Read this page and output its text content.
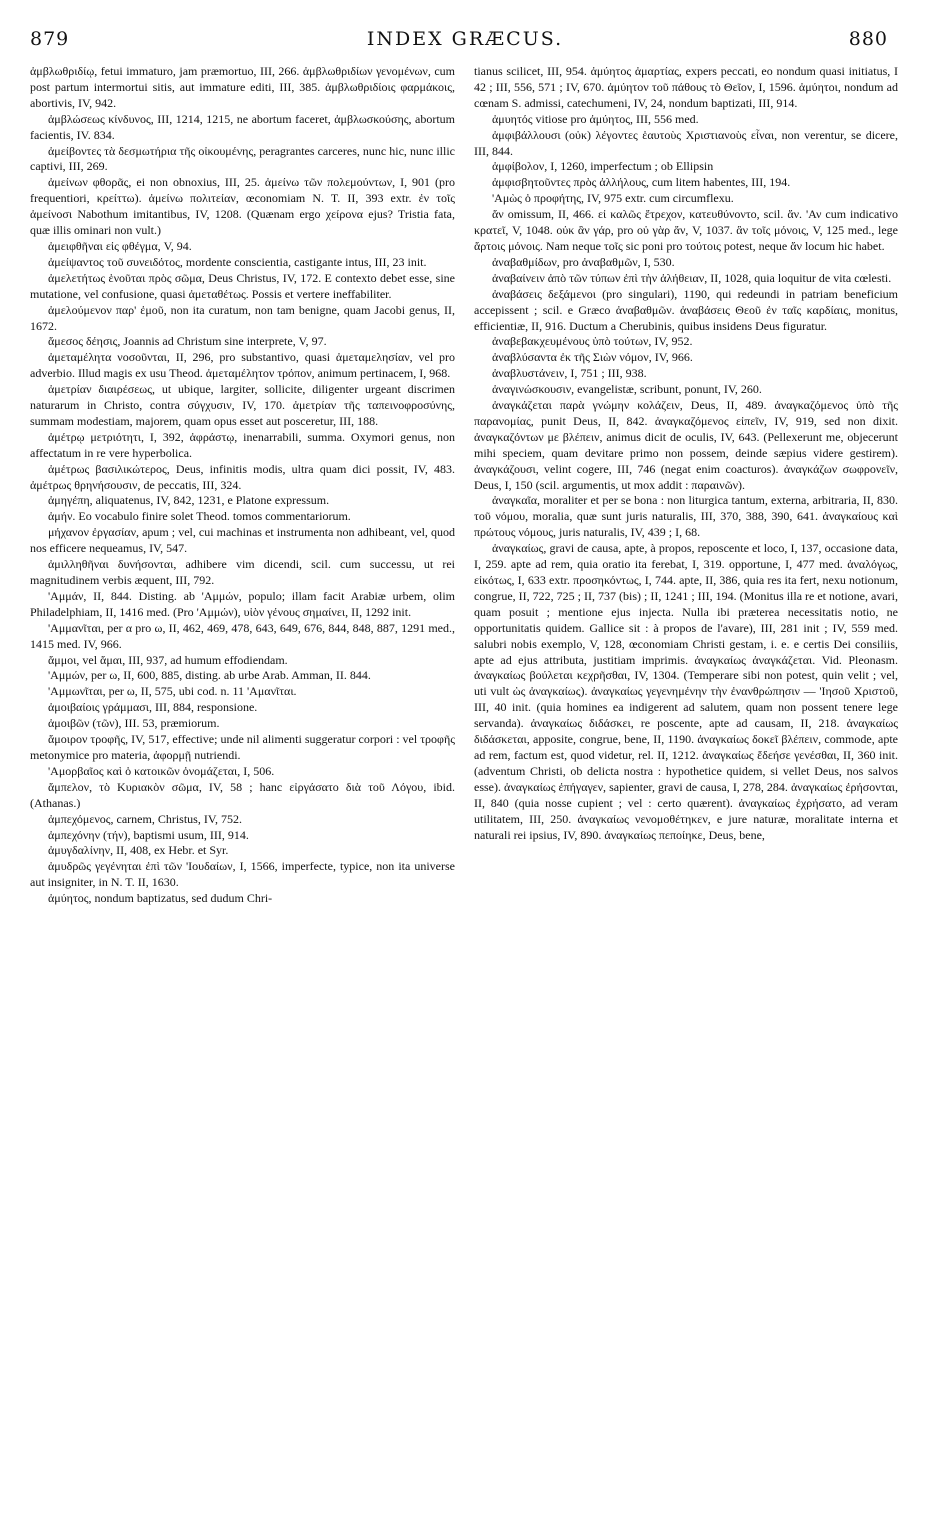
879	INDEX GRÆCUS.	880

ἀμβλωθριδίῳ, fetui immaturo, jam præmortuo, III, 266. ἀμβλωθριδίων γενομένων, cum post partum intermortui sitis, aut immature editi, III, 385. ἀμβλωθριδίοις φαρμάκοις, abortivis, IV, 942.

ἀμβλώσεως κίνδυνος, III, 1214, 1215, ne abortum faceret, ἀμβλωσκούσης, abortum facientis, IV. 834.

ἀμείβοντες τὰ δεσμωτήρια τῆς οἰκουμένης, peragrantes carceres, nunc hic, nunc illic captivi, III, 269.

ἀμείνων φθορᾶς, ei non obnoxius, III, 25. ἀμείνω τῶν πολεμούντων, I, 901 (pro frequentiori, κρείττω). ἀμείνω πολιτείαν, œconomiam N. T. II, 393 extr. ἐν τοῖς ἀμείνοσι Nabothum imitantibus, IV, 1208. (Quænam ergo χείρονα ejus? Tristia fata, quæ illis ominari non vult.)

ἀμειφθῆναι εἰς φθέγμα, V, 94.

ἀμείψαντος τοῦ συνειδότος, mordente conscientia, castigante intus, III, 23 init.

ἀμελετήτως ἑνοῦται πρὸς σῶμα, Deus Christus, IV, 172. E contexto debet esse, sine mutatione, vel confusione, quasi ἀμεταθέτως. Possis et vertere ineffabiliter.

ἀμελούμενον παρ' ἐμοῦ, non ita curatum, non tam benigne, quam Jacobi genus, II, 1672.

ἄμεσος δέησις, Joannis ad Christum sine interprete, V, 97.

ἀμεταμέλητα νοσοῦνται, II, 296, pro substantivo, quasi ἀμεταμελησίαν, vel pro adverbio. Illud magis ex usu Theod. ἀμεταμέλητον τρόπον, animum pertinacem, I, 968.

ἀμετρίαν διαιρέσεως, ut ubique, largiter, sollicite, diligenter urgeant discrimen naturarum in Christo, contra σύγχυσιν, IV, 170. ἀμετρίαν τῆς ταπεινοφροσύνης, summam modestiam, majorem, quam opus esset aut posceretur, III, 188.

ἀμέτρῳ μετριότητι, I, 392, ἀφράστῳ, inenarrabili, summa. Oxymori genus, non affectatum in re vere hyperbolica.

ἀμέτρως βασιλικώτερος, Deus, infinitis modis, ultra quam dici possit, IV, 483. ἀμέτρως θρηνήσουσιν, de peccatis, III, 324.

ἀμηγέπη, aliquatenus, IV, 842, 1231, e Platone expressum.

ἀμήν. Eo vocabulo finire solet Theod. tomos commentariorum.

μήχανον ἐργασίαν, apum ; vel, cui machinas et instrumenta non adhibeant, vel, quod nos efficere nequeamus, IV, 547.

ἁμιλληθῆναι δυνήσονται, adhibere vim dicendi, scil. cum successu, ut rei magnitudinem verbis æquent, III, 792.

'Αμμάν, II, 844. Disting. ab 'Αμμών, populo; illam facit Arabiæ urbem, olim Philadelphiam, II, 1416 med. (Pro 'Αμμών), υἱὸν γένους σημαίνει, II, 1292 init.

'Αμμανῖται, per α pro ω, II, 462, 469, 478, 643, 649, 676, 844, 848, 887, 1291 med., 1415 med. IV, 966.

ἄμμοι, vel ἄμαι, III, 937, ad humum effodiendam.

'Αμμών, per ω, II, 600, 885, disting. ab urbe Arab. Amman, II. 844.

'Αμμωνῖται, per ω, II, 575, ubi cod. n. 11 'Αμανῖται.

ἀμοιβαίοις γράμμασι, III, 884, responsione.

ἀμοιβῶν (τῶν), III. 53, præmiorum.

ἄμοιρον τροφῆς, IV, 517, effective; unde nil alimenti suggeratur corpori : vel τροφῆς metonymice pro materia, ἀφορμῇ nutriendi.

'Αμορβαῖος καὶ ὁ κατοικῶν ὀνομάζεται, I, 506.

ἄμπελον, τὸ Κυριακὸν σῶμα, IV, 58 ; hanc εἰργάσατο διὰ τοῦ Λόγου, ibid. (Athanas.)

ἀμπεχόμενος, carnem, Christus, IV, 752.

ἀμπεχόνην (τήν), baptismi usum, III, 914.

ἀμυγδαλίνην, II, 408, ex Hebr. et Syr.

ἀμυδρῶς γεγένηται ἐπὶ τῶν 'Ιουδαίων, I, 1566, imperfecte, typice, non ita universe aut insigniter, in N. T. II, 1630.

ἀμύητος, nondum baptizatus, sed dudum Chri-

tianus scilicet, III, 954. ἀμύητος ἁμαρτίας, expers peccati, eo nondum quasi initiatus, I 42 ; III, 556, 571 ; IV, 670. ἀμύητον τοῦ πάθους τὸ Θεῖον, I, 1596. ἀμύητοι, nondum ad cœnam S. admissi, catechumeni, IV, 24, nondum baptizati, III, 914.

ἀμυητός vitiose pro ἀμύητος, III, 556 med.

ἀμφιβάλλουσι (οὐκ) λέγοντες ἑαυτοὺς Χριστιανοὺς εἶναι, non verentur, se dicere, III, 844.

ἀμφίβολον, I, 1260, imperfectum ; ob Ellipsin

ἀμφισβητοῦντες πρὸς ἀλλήλους, cum litem habentes, III, 194.

'Αμὼς ὁ προφήτης, IV, 975 extr. cum circumflexu.

ἄν omissum, II, 466. εἰ καλῶς ἔτρεχον, κατευθύνοντο, scil. ἄν. 'Αν cum indicativo κρατεῖ, V, 1048. οὐκ ἂν γάρ, pro οὐ γὰρ ἄν, V, 1037. ἂν τοῖς μόνοις, V, 125 med., lege ἄρτοις μόνοις. Nam neque τοῖς sic poni pro τούτοις potest, neque ἄν locum hic habet.

ἀναβαθμίδων, pro ἀναβαθμῶν, I, 530.

ἀναβαίνειν ἀπὸ τῶν τύπων ἐπὶ τὴν ἀλήθειαν, II, 1028, quia loquitur de vita cœlesti.

ἀναβάσεις δεξάμενοι (pro singulari), 1190, qui redeundi in patriam beneficium accepissent ; scil. e Græco ἀναβαθμῶν. ἀναβάσεις Θεοῦ ἐν ταῖς καρδίαις, monitus, efficientiæ, II, 916. Ductum a Cherubinis, quibus insidens Deus figuratur.

ἀναβεβακχευμένους ὑπὸ τούτων, IV, 952.

ἀναβλύσαντα ἐκ τῆς Σιὼν νόμον, IV, 966.

ἀναβλυστάνειν, I, 751 ; III, 938.

ἀναγινώσκουσιν, evangelistæ, scribunt, ponunt, IV, 260.

ἀναγκάζεται παρὰ γνώμην κολάζειν, Deus, II, 489. ἀναγκαζόμενος ὑπὸ τῆς παρανομίας, punit Deus, II, 842. ἀναγκαζόμενος εἰπεῖν, IV, 919, sed non dixit. ἀναγκαζόντων με βλέπειν, animus dicit de oculis, IV, 643. (Pellexerunt me, objecerunt mihi speciem, quam devitare primo non possem, deinde sæpius videre gestirem). ἀναγκάζουσι, velint cogere, III, 746 (negat enim coacturos). ἀναγκάζων σωφρονεῖν, Deus, I, 150 (scil. argumentis, ut mox addit : παραινῶν).

ἀναγκαῖα, moraliter et per se bona : non liturgica tantum, externa, arbitraria, II, 830. τοῦ νόμου, moralia, quæ sunt juris naturalis, III, 370, 388, 390, 641. ἀναγκαίους καὶ πρώτους νόμους, juris naturalis, IV, 439 ; I, 68.

ἀναγκαίως, gravi de causa, apte, à propos, reposcente et loco, I, 137, occasione data, I, 259. apte ad rem, quia oratio ita ferebat, I, 319. opportune, I, 477 med. ἀναλόγως, εἰκότως, I, 633 extr. προσηκόντως, I, 744. apte, II, 386, quia res ita fert, nexu notionum, congrue, II, 722, 725 ; II, 737 (bis) ; II, 1241 ; III, 194. (Monitus illa re et notione, avari, quam posuit ; mentione ejus injecta. Nulla ibi prætereа necessitatis notio, ne opportunitatis quidem. Gallice sit : à propos de l'avare), III, 281 init ; IV, 559 med. salubri nobis exemplo, V, 128, œconomiam Christi gestam, i. e. e certis Dei consiliis, apte ad ejus attributa, justitiam imprimis. ἀναγκαίως ἀναγκάζεται. Vid. Pleonasm. ἀναγκαίως βούλεται κεχρῆσθαι, IV, 1304. (Temperare sibi non potest, quin velit ; vel, uti vult ὡς ἀναγκαίως). ἀναγκαίως γεγενημένην τὴν ἐνανθρώπησιν — 'Ιησοῦ Χριστοῦ, III, 40 init. (quia homines ea indigerent ad salutem, quam non possent tenere lege servanda). ἀναγκαίως διδάσκει, re poscente, apte ad causam, II, 218. ἀναγκαίως διδάσκεται, apposite, congrue, bene, II, 1190. ἀναγκαίως δοκεῖ βλέπειν, commode, apte ad rem, factum est, quod videtur, rel. II, 1212. ἀναγκαίως ἔδεήσε γενέσθαι, II, 360 init. (adventum Christi, ob delicta nostra : hypothetice quidem, si vellet Deus, nos salvos esse). ἀναγκαίως ἐπήγαγεν, sapienter, gravi de causa, I, 278, 284. ἀναγκαίως ἐρήσονται, II, 840 (quia nosse cupient ; vel : certo quærent). ἀναγκαίως ἐχρήσατο, ad veram utilitatem, III, 250. ἀναγκαίως νενομοθέτηκεν, e jure naturæ, moralitate interna et naturali rei ipsius, IV, 890. ἀναγκαίως πεποίηκε, Deus, bene,
